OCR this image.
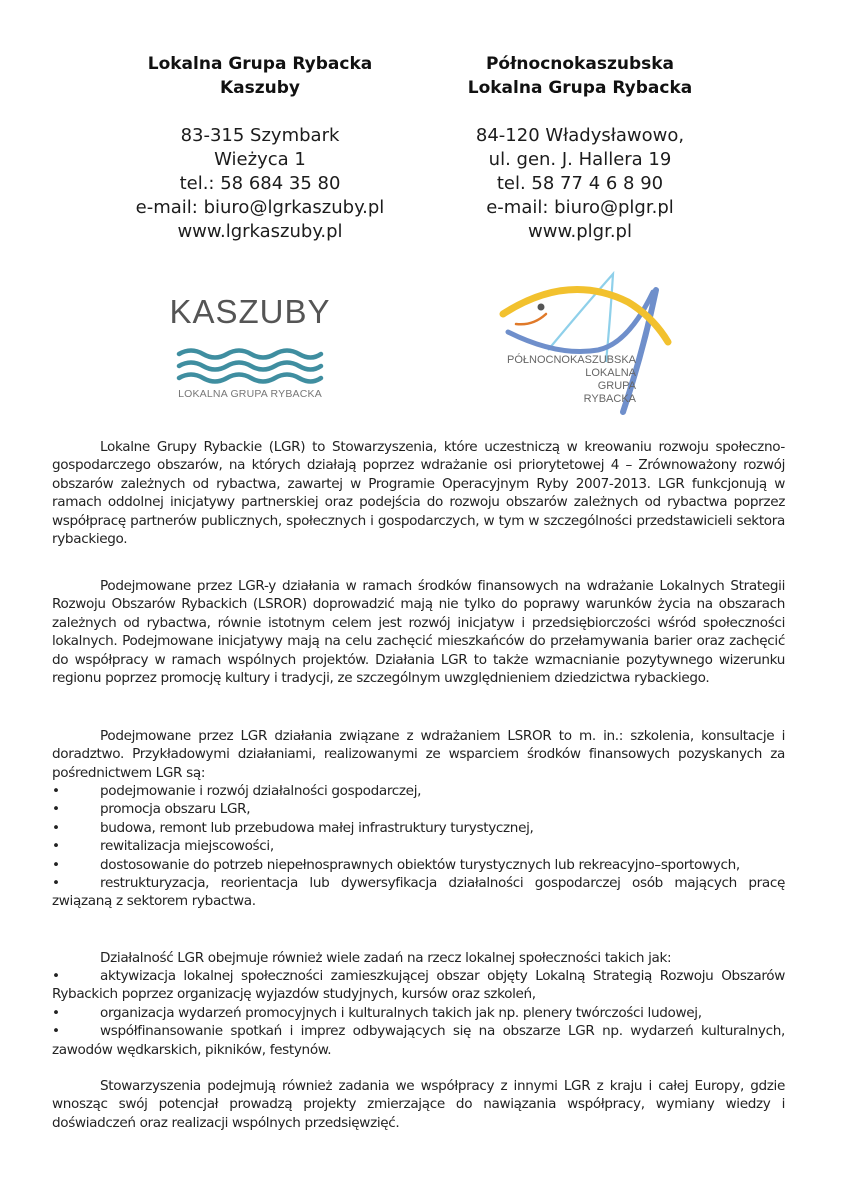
Lokalna Grupa Rybacka
Kaszuby
83-315 Szymbark
Wieżyca 1
tel.: 58 684 35 80
e-mail: biuro@lgrkaszuby.pl
www.lgrkaszuby.pl
Północnokaszubska
Lokalna Grupa Rybacka
84-120 Władysławowo,
ul. gen. J. Hallera 19
tel. 58 77 4 6 8 90
e-mail: biuro@plgr.pl
www.plgr.pl
KASZUBY
LOKALNA GRUPA RYBACKA
PÓŁNOCNOKASZUBSKA
LOKALNA
GRUPA
RYBACKA
Lokalne Grupy Rybackie (LGR) to Stowarzyszenia, które uczestniczą w kreowaniu rozwoju społeczno-gospodarczego obszarów, na których działają poprzez wdrażanie osi priorytetowej 4 – Zrównoważony rozwój obszarów zależnych od rybactwa, zawartej w Programie Operacyjnym Ryby 2007-2013. LGR funkcjonują w ramach oddolnej inicjatywy partnerskiej oraz podejścia do rozwoju obszarów zależnych od rybactwa poprzez współpracę partnerów publicznych, społecznych i gospodarczych, w tym w szczególności przedstawicieli sektora rybackiego.
Podejmowane przez LGR-y działania w ramach środków finansowych na wdrażanie Lokalnych Strategii Rozwoju Obszarów Rybackich (LSROR) doprowadzić mają nie tylko do poprawy warunków życia na obszarach zależnych od rybactwa, równie istotnym celem jest rozwój inicjatyw i przedsiębiorczości wśród społeczności lokalnych. Podejmowane inicjatywy mają na celu zachęcić mieszkańców do przełamywania barier oraz zachęcić do współpracy w ramach wspólnych projektów. Działania LGR to także wzmacnianie pozytywnego wizerunku regionu poprzez promocję kultury i tradycji, ze szczególnym uwzględnieniem dziedzictwa rybackiego.
Podejmowane przez LGR działania związane z wdrażaniem LSROR to m. in.: szkolenia, konsultacje i doradztwo. Przykładowymi działaniami, realizowanymi ze wsparciem środków finansowych pozyskanych za pośrednictwem LGR są:
•	podejmowanie i rozwój działalności gospodarczej,
•	promocja obszaru LGR,
•	budowa, remont lub przebudowa małej infrastruktury turystycznej,
•	rewitalizacja miejscowości,
•	dostosowanie do potrzeb niepełnosprawnych obiektów turystycznych lub rekreacyjno–sportowych,
•	restrukturyzacja, reorientacja lub dywersyfikacja działalności gospodarczej osób mających pracę związaną z sektorem rybactwa.
Działalność LGR obejmuje również wiele zadań na rzecz lokalnej społeczności takich jak:
•	aktywizacja lokalnej społeczności zamieszkującej obszar objęty Lokalną Strategią Rozwoju Obszarów Rybackich poprzez organizację wyjazdów studyjnych, kursów oraz szkoleń,
•	organizacja wydarzeń promocyjnych i kulturalnych takich jak np. plenery twórczości ludowej,
•	współfinansowanie spotkań i imprez odbywających się na obszarze LGR np. wydarzeń kulturalnych, zawodów wędkarskich, pikników, festynów.
Stowarzyszenia podejmują również zadania we współpracy z innymi LGR z kraju i całej Europy, gdzie wnosząc swój potencjał prowadzą projekty zmierzające do nawiązania współpracy, wymiany wiedzy i doświadczeń oraz realizacji wspólnych przedsięwzięć.
